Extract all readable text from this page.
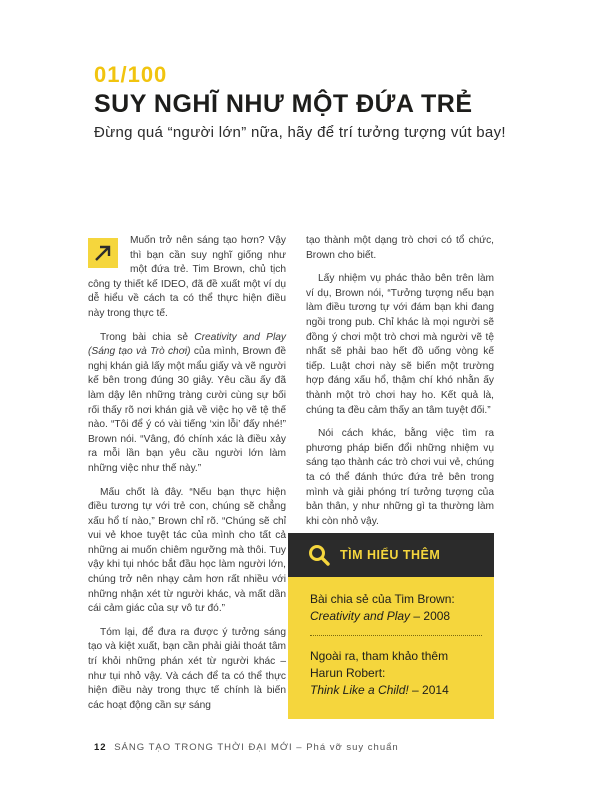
01/100
SUY NGHĨ NHƯ MỘT ĐỨA TRẺ
Đừng quá “người lớn” nữa, hãy để trí tưởng tượng vút bay!

Muốn trở nên sáng tạo hơn? Vậy thì bạn cần suy nghĩ giống như một đứa trẻ. Tim Brown, chủ tịch công ty thiết kế IDEO, đã đề xuất một ví dụ dễ hiểu về cách ta có thể thực hiện điều này trong thực tế.

Trong bài chia sẻ Creativity and Play (Sáng tạo và Trò chơi) của mình, Brown đề nghị khán giả lấy một mẩu giấy và vẽ người kế bên trong đúng 30 giây. Yêu cầu ấy đã làm dậy lên những tràng cười cùng sự bối rối thấy rõ nơi khán giả về việc họ vẽ tệ thế nào. “Tôi để ý có vài tiếng ‘xin lỗi’ đấy nhé!” Brown nói. “Vâng, đó chính xác là điều xảy ra mỗi lần bạn yêu cầu người lớn làm những việc như thế này.”

Mấu chốt là đây. “Nếu bạn thực hiện điều tương tự với trẻ con, chúng sẽ chẳng xấu hổ tí nào,” Brown chỉ rõ. “Chúng sẽ chỉ vui vẻ khoe tuyệt tác của mình cho tất cả những ai muốn chiêm ngưỡng mà thôi. Tuy vậy khi tụi nhóc bắt đầu học làm người lớn, chúng trở nên nhạy cảm hơn rất nhiều với những nhận xét từ người khác, và mất dần cái cảm giác của sự vô tư đó.”

Tóm lại, để đưa ra được ý tưởng sáng tạo và kiệt xuất, bạn cần phải giải thoát tâm trí khỏi những phán xét từ người khác – như tụi nhỏ vậy. Và cách để ta có thể thực hiện điều này trong thực tế chính là biến các hoạt động cần sự sáng

tạo thành một dạng trò chơi có tổ chức, Brown cho biết.

Lấy nhiệm vụ phác thảo bên trên làm ví dụ, Brown nói, “Tưởng tượng nếu bạn làm điều tương tự với đám bạn khi đang ngồi trong pub. Chỉ khác là mọi người sẽ đồng ý chơi một trò chơi mà người vẽ tệ nhất sẽ phải bao hết đồ uống vòng kế tiếp. Luật chơi này sẽ biến một trường hợp đáng xấu hổ, thậm chí khó nhằn ấy thành một trò chơi hay ho. Kết quả là, chúng ta đều cảm thấy an tâm tuyệt đối.”

Nói cách khác, bằng việc tìm ra phương pháp biến đổi những nhiệm vụ sáng tạo thành các trò chơi vui vẻ, chúng ta có thể đánh thức đứa trẻ bên trong mình và giải phóng trí tưởng tượng của bản thân, y như những gì ta thường làm khi còn nhỏ vậy.

TÌM HIỂU THÊM
Bài chia sẻ của Tim Brown:
Creativity and Play – 2008
Ngoài ra, tham khảo thêm Harun Robert:
Think Like a Child! – 2014
12 SÁNG TẠO TRONG THỜI ĐẠI MỚI – Phá vỡ suy chuẩn
